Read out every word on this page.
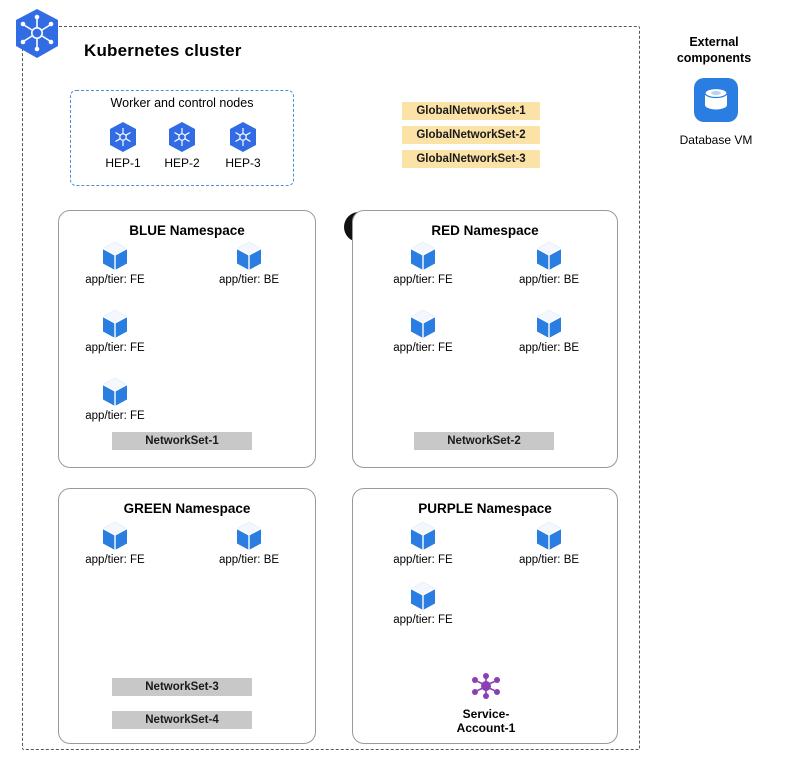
Kubernetes cluster
Worker and control nodes
HEP-1	HEP-2	HEP-3
GlobalNetworkSet-1
GlobalNetworkSet-2
GlobalNetworkSet-3
BLUE Namespace
app/tier: FE	app/tier: BE
app/tier: FE
app/tier: FE
NetworkSet-1
RED Namespace
app/tier: FE	app/tier: BE
app/tier: FE	app/tier: BE
NetworkSet-2
GREEN Namespace
app/tier: FE	app/tier: BE
NetworkSet-3
NetworkSet-4
PURPLE Namespace
app/tier: FE	app/tier: BE
app/tier: FE
Service-Account-1
External
components
Database VM
